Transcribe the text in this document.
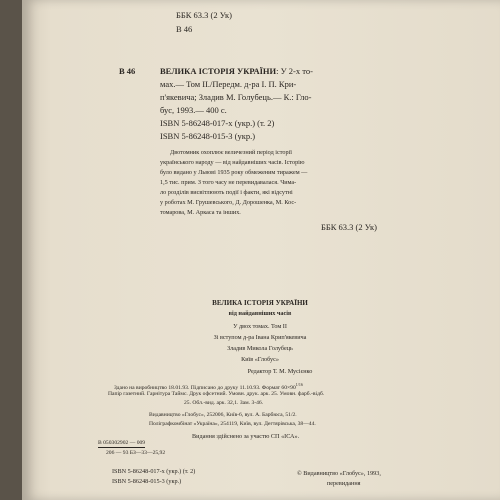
ББК 63.3 (2 Ук)
В 46
В 46	ВЕЛИКА ІСТОРІЯ УКРАЇНИ: У 2-х то-
мах.— Том ІІ./Передм. д-ра І. П. Кри-
п'якевича; Зладив М. Голубець.— К.: Гло-
бус, 1993.— 400 с.
ISBN 5-86248-017-х (укр.) (т. 2)
ISBN 5-86248-015-3 (укр.)
Двотомник охоплює величезний період історії
українського народу — від найдавніших часів. Історію
було видано у Львові 1935 року обмеженим тиражем —
1,5 тис. прим. З того часу не перевидавалася. Чима-
ло розділів висвітлюють події і факти, які відсутні
у роботах М. Грушевського, Д. Дорошенка, М. Кос-
томарова, М. Аркаса та інших.
ББК 63.3 (2 Ук)
ВЕЛИКА ІСТОРІЯ УКРАЇНИ
від найдавніших часів
У двох томах. Том ІІ
Зі вступом д-ра Івана Крип'якевича
Зладив Микола Голубець
Київ «Глобус»
Редактор Т. М. Мусієнко
Здано на виробництво 18.01.93. Підписано до друку 11.10.93. Формат $60\times 90^{1/16}$
Папір газетний. Гарнітура Таймс. Друк офсетний. Умовн. друк. арк. 25. Умовн. фарб.-відб.
25. Обл.-вид. арк. 32,1. Зам. 3-46.
Видавництво «Глобус», 252006, Київ-6, вул. А. Барбюса, 51/2.
Поліграфкомбінат «Україна», 254119, Київ, вул. Дегтярівська, 38—44.
Видання здійснено за участю СП «ІСА».
В 050302902 — 009
206 — 93 БЗ—33—25,92
ISBN 5-86248-017-х (укр.) (т. 2)
ISBN 5-86248-015-3 (укр.)
© Видавництво «Глобус», 1993,
перевидання
